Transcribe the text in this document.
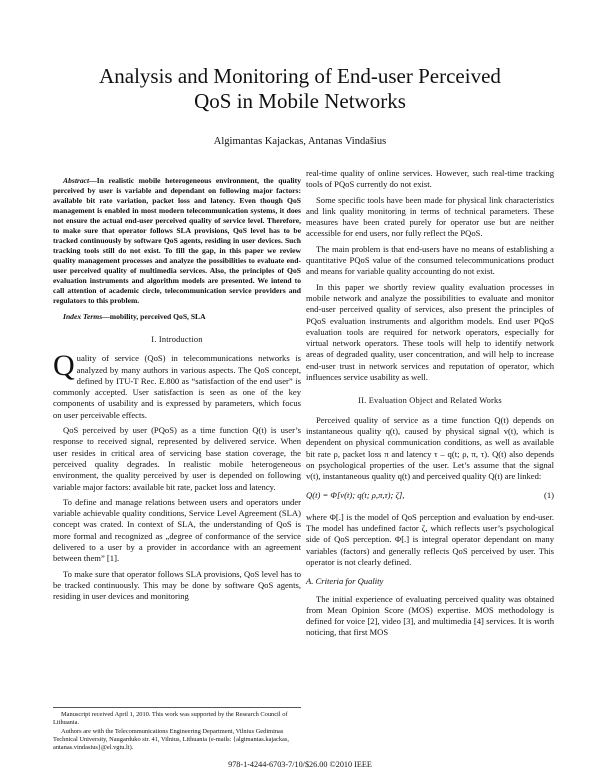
Analysis and Monitoring of End-user Perceived
QoS in Mobile Networks
Algimantas Kajackas, Antanas Vindašius

Abstract—In realistic mobile heterogeneous environment, the quality perceived by user is variable and dependant on following major factors: available bit rate variation, packet loss and latency. Even though QoS management is enabled in most modern telecommunication systems, it does not ensure the actual end-user perceived quality of service level. Therefore, to make sure that operator follows SLA provisions, QoS level has to be tracked continuously by software QoS agents, residing in user devices. Such tracking tools still do not exist. To fill the gap, in this paper we review quality management processes and analyze the possibilities to evaluate end-user perceived quality of multimedia services. Also, the principles of QoS evaluation instruments and algorithm models are presented. We intend to call attention of academic circle, telecommunication service providers and regulators to this problem.

Index Terms—mobility, perceived QoS, SLA

I. Introduction

Quality of service (QoS) in telecommunications networks is analyzed by many authors in various aspects. The QoS concept, defined by ITU-T Rec. E.800 as “satisfaction of the end user” is commonly accepted. User satisfaction is seen as one of the key components of usability and is expressed by parameters, which focus on user perceivable effects.

QoS perceived by user (PQoS) as a time function Q(t) is user’s response to received signal, represented by delivered service. When user resides in critical area of servicing base station coverage, the perceived quality degrades. In realistic mobile heterogeneous environment, the quality perceived by user is depended on following variable major factors: available bit rate, packet loss and latency.

To define and manage relations between users and operators under variable achievable quality conditions, Service Level Agreement (SLA) concept was crated. In context of SLA, the understanding of QoS is more formal and recognized as „degree of conformance of the service delivered to a user by a provider in accordance with an agreement between them” [1].

To make sure that operator follows SLA provisions, QoS level has to be tracked continuously. This may be done by software QoS agents, residing in user devices and monitoring

real-time quality of online services. However, such real-time tracking tools of PQoS currently do not exist.

Some specific tools have been made for physical link characteristics and link quality monitoring in terms of technical parameters. These measures have been crated purely for operator use but are neither accessible for end users, nor fully reflect the PQoS.

The main problem is that end-users have no means of establishing a quantitative PQoS value of the consumed telecommunications product and means for variable quality accounting do not exist.

In this paper we shortly review quality evaluation processes in mobile network and analyze the possibilities to evaluate and monitor end-user perceived quality of services, also present the principles of PQoS evaluation instruments and algorithm models. End user PQoS evaluation tools are required for network operators, especially for virtual network operators. These tools will help to identify network areas of degraded quality, user concentration, and will help to increase end-user trust in network services and reputation of operator, which influences service usability as well.

II. Evaluation Object and Related Works

Perceived quality of service as a time function Q(t) depends on instantaneous quality q(t), caused by physical signal v(t), which is dependent on physical communication conditions, as well as available bit rate ρ, packet loss π and latency τ – q(t; ρ, π, τ). Q(t) also depends on psychological properties of the user. Let’s assume that the signal v(t), instantaneous quality q(t) and perceived quality Q(t) are linked:

Q(t) = Φ[v(t); q(t; ρ,π,τ); ζ],	(1)

where Φ[.] is the model of QoS perception and evaluation by end-user. The model has undefined factor ζ, which reflects user’s psychological side of QoS perception. Φ[.] is integral operator dependant on many variables (factors) and generally reflects QoS perceived by user. This operator is not clearly defined.

A. Criteria for Quality

The initial experience of evaluating perceived quality was obtained from Mean Opinion Score (MOS) expertise. MOS methodology is defined for voice [2], video [3], and multimedia [4] services. It is worth noticing, that first MOS

Manuscript received April 1, 2010. This work was supported by the Research Council of Lithuania.
Authors are with the Telecommunications Engineering Department, Vilnius Gediminas Technical University, Naugarduko str. 41, Vilnius, Lithuania (e-mails: {algimantas.kajackas, antanas.vindasius}@el.vgtu.lt).
978-1-4244-6703-7/10/$26.00 ©2010 IEEE
